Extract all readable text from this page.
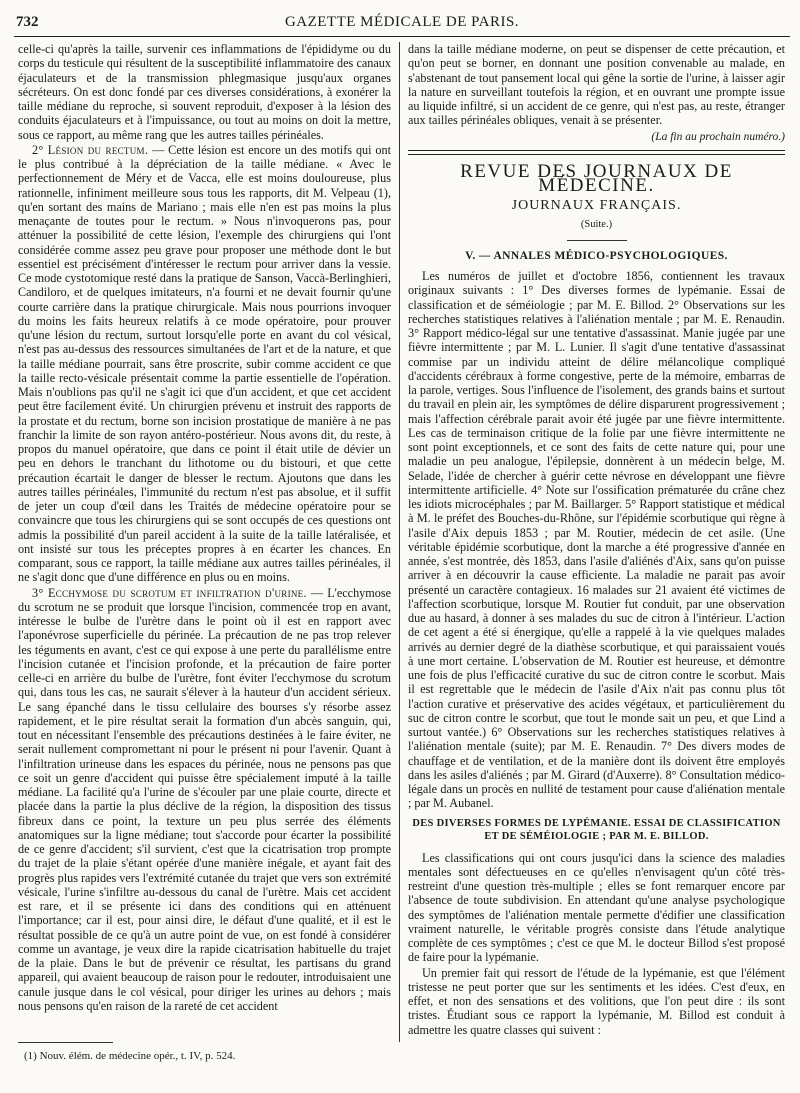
732	GAZETTE MÉDICALE DE PARIS.

celle-ci qu'après la taille, survenir ces inflammations de l'épididyme ou du corps du testicule qui résultent de la susceptibilité inflammatoire des canaux éjaculateurs et de la transmission phlegmasique jusqu'aux organes sécréteurs. On est donc fondé par ces diverses considérations, à exonérer la taille médiane du reproche, si souvent reproduit, d'exposer à la lésion des conduits éjaculateurs et à l'impuissance, ou tout au moins on doit la mettre, sous ce rapport, au même rang que les autres tailles périnéales.

2° Lésion du rectum. — Cette lésion est encore un des motifs qui ont le plus contribué à la dépréciation de la taille médiane. « Avec le perfectionnement de Méry et de Vacca, elle est moins douloureuse, plus rationnelle, infiniment meilleure sous tous les rapports, dit M. Velpeau (1), qu'en sortant des mains de Mariano ; mais elle n'en est pas moins la plus menaçante de toutes pour le rectum. » Nous n'invoquerons pas, pour atténuer la possibilité de cette lésion, l'exemple des chirurgiens qui l'ont considérée comme assez peu grave pour proposer une méthode dont le but essentiel est précisément d'intéresser le rectum pour arriver dans la vessie. Ce mode cystotomique resté dans la pratique de Sanson, Vaccà-Berlinghieri, Candiloro, et de quelques imitateurs, n'a fourni et ne devait fournir qu'une courte carrière dans la pratique chirurgicale. Mais nous pourrions invoquer du moins les faits heureux relatifs à ce mode opératoire, pour prouver qu'une lésion du rectum, surtout lorsqu'elle porte en avant du col vésical, n'est pas au-dessus des ressources simultanées de l'art et de la nature, et que la taille médiane pourrait, sans être proscrite, subir comme accident ce que la taille recto-vésicale présentait comme la partie essentielle de l'opération. Mais n'oublions pas qu'il ne s'agit ici que d'un accident, et que cet accident peut être facilement évité. Un chirurgien prévenu et instruit des rapports de la prostate et du rectum, borne son incision prostatique de manière à ne pas franchir la limite de son rayon antéro-postérieur. Nous avons dit, du reste, à propos du manuel opératoire, que dans ce point il était utile de dévier un peu en dehors le tranchant du lithotome ou du bistouri, et que cette précaution écartait le danger de blesser le rectum. Ajoutons que dans les autres tailles périnéales, l'immunité du rectum n'est pas absolue, et il suffit de jeter un coup d'œil dans les Traités de médecine opératoire pour se convaincre que tous les chirurgiens qui se sont occupés de ces questions ont admis la possibilité d'un pareil accident à la suite de la taille latéralisée, et ont insisté sur tous les préceptes propres à en écarter les chances. En comparant, sous ce rapport, la taille médiane aux autres tailles périnéales, il ne s'agit donc que d'une différence en plus ou en moins.

3° Ecchymose du scrotum et infiltration d'urine. — L'ecchymose du scrotum ne se produit que lorsque l'incision, commencée trop en avant, intéresse le bulbe de l'urètre dans le point où il est en rapport avec l'aponévrose superficielle du périnée. La précaution de ne pas trop relever les téguments en avant, c'est ce qui expose à une perte du parallélisme entre l'incision cutanée et l'incision profonde, et la précaution de faire porter celle-ci en arrière du bulbe de l'urètre, font éviter l'ecchymose du scrotum qui, dans tous les cas, ne saurait s'élever à la hauteur d'un accident sérieux. Le sang épanché dans le tissu cellulaire des bourses s'y résorbe assez rapidement, et le pire résultat serait la formation d'un abcès sanguin, qui, tout en nécessitant l'ensemble des précautions destinées à le faire éviter, ne serait nullement compromettant ni pour le présent ni pour l'avenir. Quant à l'infiltration urineuse dans les espaces du périnée, nous ne pensons pas que ce soit un genre d'accident qui puisse être spécialement imputé à la taille médiane. La facilité qu'a l'urine de s'écouler par une plaie courte, directe et placée dans la partie la plus déclive de la région, la disposition des tissus fibreux dans ce point, la texture un peu plus serrée des éléments anatomiques sur la ligne médiane; tout s'accorde pour écarter la possibilité de ce genre d'accident; s'il survient, c'est que la cicatrisation trop prompte du trajet de la plaie s'étant opérée d'une manière inégale, et ayant fait des progrès plus rapides vers l'extrémité cutanée du trajet que vers son extrémité vésicale, l'urine s'infiltre au-dessous du canal de l'urètre. Mais cet accident est rare, et il se présente ici dans des conditions qui en atténuent l'importance; car il est, pour ainsi dire, le défaut d'une qualité, et il est le résultat possible de ce qu'à un autre point de vue, on est fondé à considérer comme un avantage, je veux dire la rapide cicatrisation habituelle du trajet de la plaie. Dans le but de prévenir ce résultat, les partisans du grand appareil, qui avaient beaucoup de raison pour le redouter, introduisaient une canule jusque dans le col vésical, pour diriger les urines au dehors ; mais nous pensons qu'en raison de la rareté de cet accident

dans la taille médiane moderne, on peut se dispenser de cette précaution, et qu'on peut se borner, en donnant une position convenable au malade, en s'abstenant de tout pansement local qui gêne la sortie de l'urine, à laisser agir la nature en surveillant toutefois la région, et en ouvrant une prompte issue au liquide infiltré, si un accident de ce genre, qui n'est pas, au reste, étranger aux tailles périnéales obliques, venait à se présenter.

(La fin au prochain numéro.)
REVUE DES JOURNAUX DE MÉDECINE.
JOURNAUX FRANÇAIS.
(Suite.)
V. — ANNALES MÉDICO-PSYCHOLOGIQUES.

Les numéros de juillet et d'octobre 1856, contiennent les travaux originaux suivants : 1° Des diverses formes de lypémanie. Essai de classification et de séméiologie ; par M. E. Billod. 2° Observations sur les recherches statistiques relatives à l'aliénation mentale ; par M. E. Renaudin. 3° Rapport médico-légal sur une tentative d'assassinat. Manie jugée par une fièvre intermittente ; par M. L. Lunier. Il s'agit d'une tentative d'assassinat commise par un individu atteint de délire mélancolique compliqué d'accidents cérébraux à forme congestive, perte de la mémoire, embarras de la parole, vertiges. Sous l'influence de l'isolement, des grands bains et surtout du travail en plein air, les symptômes de délire disparurent progressivement ; mais l'affection cérébrale parait avoir été jugée par une fièvre intermittente. Les cas de terminaison critique de la folie par une fièvre intermittente ne sont point exceptionnels, et ce sont des faits de cette nature qui, pour une maladie un peu analogue, l'épilepsie, donnèrent à un médecin belge, M. Selade, l'idée de chercher à guérir cette névrose en développant une fièvre intermittente artificielle. 4° Note sur l'ossification prématurée du crâne chez les idiots microcéphales ; par M. Baillarger. 5° Rapport statistique et médical à M. le préfet des Bouches-du-Rhône, sur l'épidémie scorbutique qui règne à l'asile d'Aix depuis 1853 ; par M. Routier, médecin de cet asile. (Une véritable épidémie scorbutique, dont la marche a été progressive d'année en année, s'est montrée, dès 1853, dans l'asile d'aliénés d'Aix, sans qu'on puisse arriver à en découvrir la cause efficiente. La maladie ne parait pas avoir présenté un caractère contagieux. 16 malades sur 21 avaient été victimes de l'affection scorbutique, lorsque M. Routier fut conduit, par une observation due au hasard, à donner à ses malades du suc de citron à l'intérieur. L'action de cet agent a été si énergique, qu'elle a rappelé à la vie quelques malades arrivés au dernier degré de la diathèse scorbutique, et qui paraissaient voués à une mort certaine. L'observation de M. Routier est heureuse, et démontre une fois de plus l'efficacité curative du suc de citron contre le scorbut. Mais il est regrettable que le médecin de l'asile d'Aix n'ait pas connu plus tôt l'action curative et préservative des acides végétaux, et particulièrement du suc de citron contre le scorbut, que tout le monde sait un peu, et que Lind a surtout vantée.) 6° Observations sur les recherches statistiques relatives à l'aliénation mentale (suite); par M. E. Renaudin. 7° Des divers modes de chauffage et de ventilation, et de la manière dont ils doivent être employés dans les asiles d'aliénés ; par M. Girard (d'Auxerre). 8° Consultation médico-légale dans un procès en nullité de testament pour cause d'aliénation mentale ; par M. Aubanel.

DES DIVERSES FORMES DE LYPÉMANIE. ESSAI DE CLASSIFICATION ET DE SÉMÉIOLOGIE ; PAR M. E. BILLOD.

Les classifications qui ont cours jusqu'ici dans la science des maladies mentales sont défectueuses en ce qu'elles n'envisagent qu'un côté très-restreint d'une question très-multiple ; elles se font remarquer encore par l'absence de toute subdivision. En attendant qu'une analyse psychologique des symptômes de l'aliénation mentale permette d'édifier une classification vraiment naturelle, le véritable progrès consiste dans l'étude analytique complète de ces symptômes ; c'est ce que M. le docteur Billod s'est proposé de faire pour la lypémanie.

Un premier fait qui ressort de l'étude de la lypémanie, est que l'élément tristesse ne peut porter que sur les sentiments et les idées. C'est d'eux, en effet, et non des sensations et des volitions, que l'on peut dire : ils sont tristes. Étudiant sous ce rapport la lypémanie, M. Billod est conduit à admettre les quatre classes qui suivent :

(1) Nouv. élém. de médecine opér., t. IV, p. 524.
